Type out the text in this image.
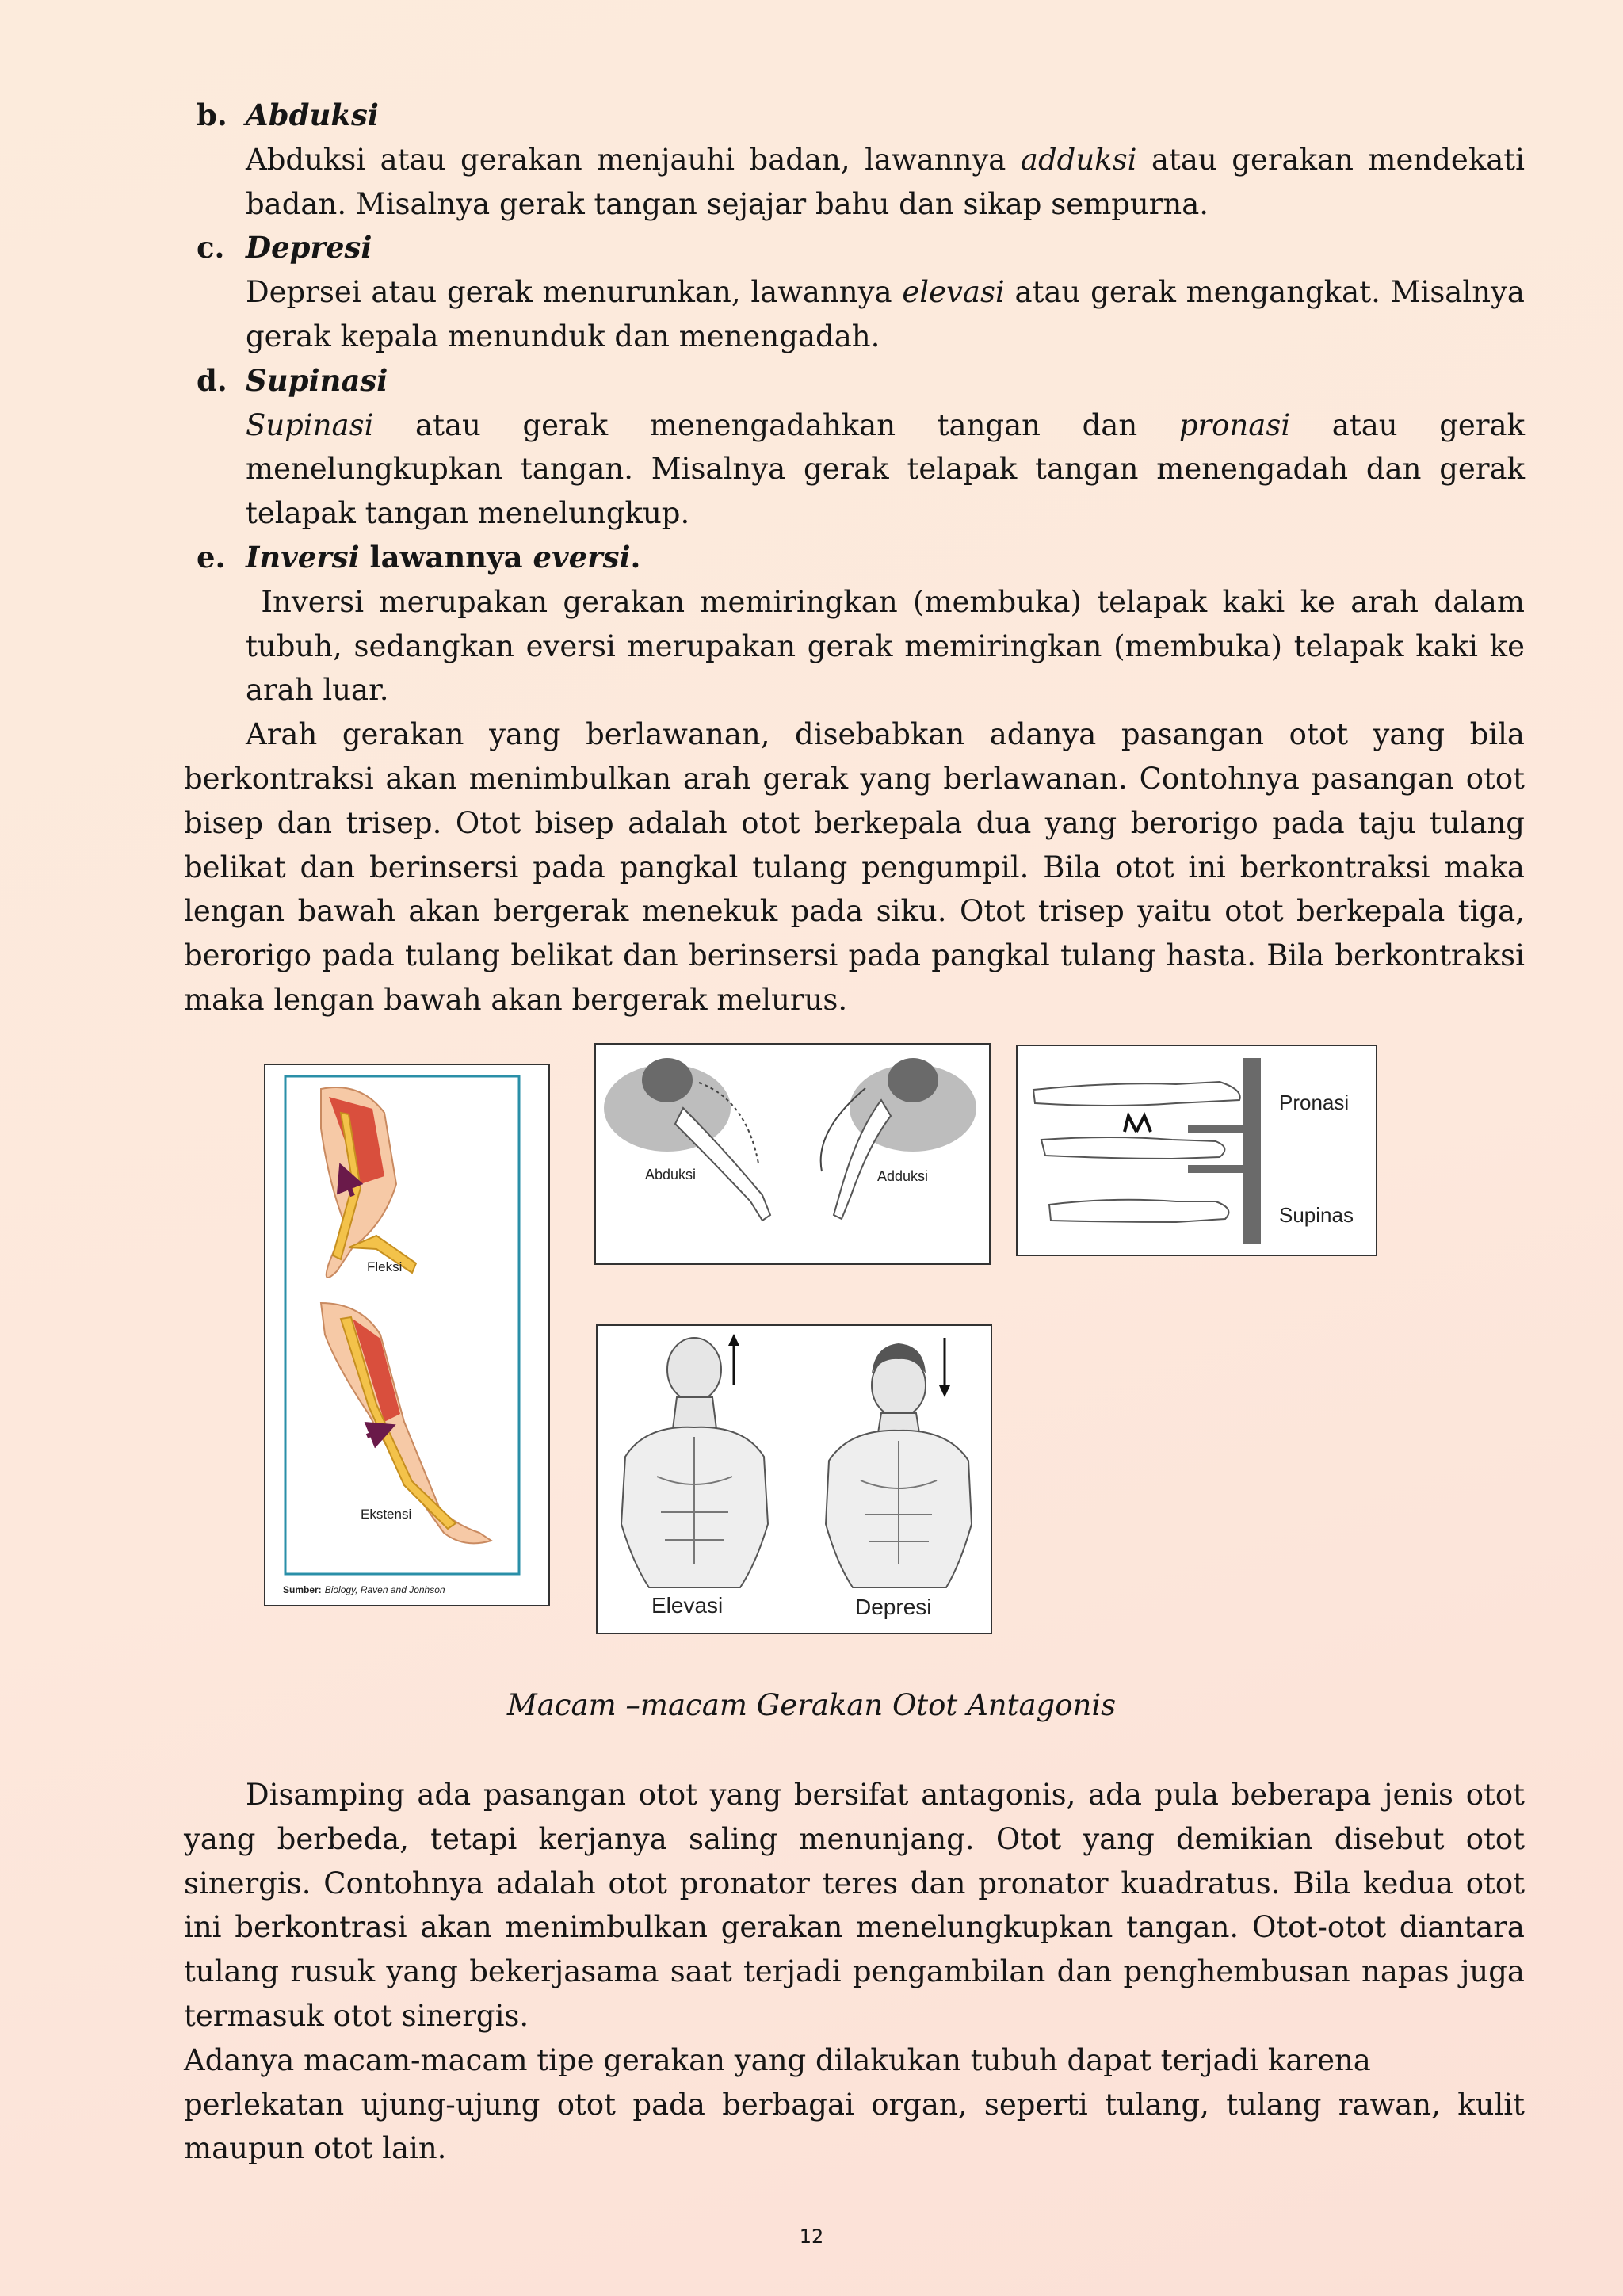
b. Abduksi

Abduksi atau gerakan menjauhi badan, lawannya adduksi atau gerakan mendekati badan. Misalnya gerak tangan sejajar bahu dan sikap sempurna.

c. Depresi

Deprsei atau gerak menurunkan, lawannya elevasi atau gerak mengangkat. Misalnya gerak kepala menunduk dan menengadah.

d. Supinasi

Supinasi atau gerak menengadahkan tangan dan pronasi atau gerak menelungkupkan tangan. Misalnya gerak telapak tangan menengadah dan gerak telapak tangan menelungkup.

e. Inversi lawannya eversi.

Inversi merupakan gerakan memiringkan (membuka) telapak kaki ke arah dalam tubuh, sedangkan eversi merupakan gerak memiringkan (membuka) telapak kaki ke arah luar.

Arah gerakan yang berlawanan, disebabkan adanya pasangan otot yang bila berkontraksi akan menimbulkan arah gerak yang berlawanan. Contohnya pasangan otot bisep dan trisep. Otot bisep adalah otot berkepala dua yang berorigo pada taju tulang belikat dan berinsersi pada pangkal tulang pengumpil. Bila otot ini berkontraksi maka lengan bawah akan bergerak menekuk pada siku. Otot trisep yaitu otot berkepala tiga, berorigo pada tulang belikat dan berinsersi pada pangkal tulang hasta. Bila berkontraksi maka lengan bawah akan bergerak melurus.

Fleksi
Ekstensi
Sumber: Biology, Raven and Jonhson
Abduksi	Adduksi
Pronasi
Supinas
Elevasi	Depresi
Macam –macam Gerakan Otot Antagonis

Disamping ada pasangan otot yang bersifat antagonis, ada pula beberapa jenis otot yang berbeda, tetapi kerjanya saling menunjang. Otot yang demikian disebut otot sinergis. Contohnya adalah otot pronator teres dan pronator kuadratus. Bila kedua otot ini berkontrasi akan menimbulkan gerakan menelungkupkan tangan. Otot-otot diantara tulang rusuk yang bekerjasama saat terjadi pengambilan dan penghembusan napas juga termasuk otot sinergis.

Adanya macam-macam tipe gerakan yang dilakukan tubuh dapat terjadi karena

perlekatan ujung-ujung otot pada berbagai organ, seperti tulang, tulang rawan, kulit maupun otot lain.

12
